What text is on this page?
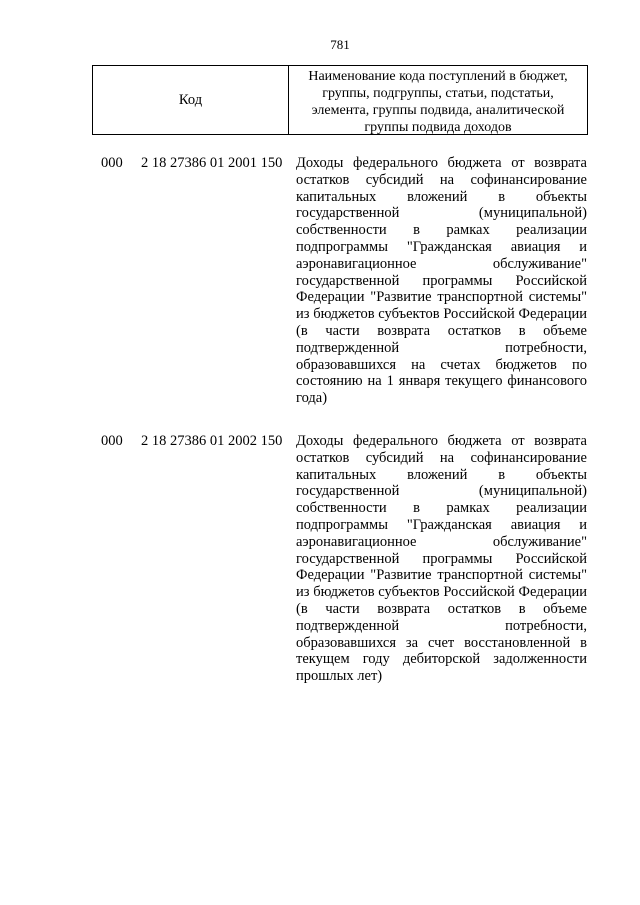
781
Код
Наименование кода поступлений в бюджет, группы, подгруппы, статьи, подстатьи, элемента, группы подвида, аналитической группы подвида доходов
000 2 18 27386 01 2001 150 Доходы федерального бюджета от возврата остатков субсидий на софинансирование капитальных вложений в объекты государственной (муниципальной) собственности в рамках реализации подпрограммы "Гражданская авиация и аэронавигационное обслуживание" государственной программы Российской Федерации "Развитие транспортной системы" из бюджетов субъектов Российской Федерации (в части возврата остатков в объеме подтвержденной потребности, образовавшихся на счетах бюджетов по состоянию на 1 января текущего финансового года)
000 2 18 27386 01 2002 150 Доходы федерального бюджета от возврата остатков субсидий на софинансирование капитальных вложений в объекты государственной (муниципальной) собственности в рамках реализации подпрограммы "Гражданская авиация и аэронавигационное обслуживание" государственной программы Российской Федерации "Развитие транспортной системы" из бюджетов субъектов Российской Федерации (в части возврата остатков в объеме подтвержденной потребности, образовавшихся за счет восстановленной в текущем году дебиторской задолженности прошлых лет)
